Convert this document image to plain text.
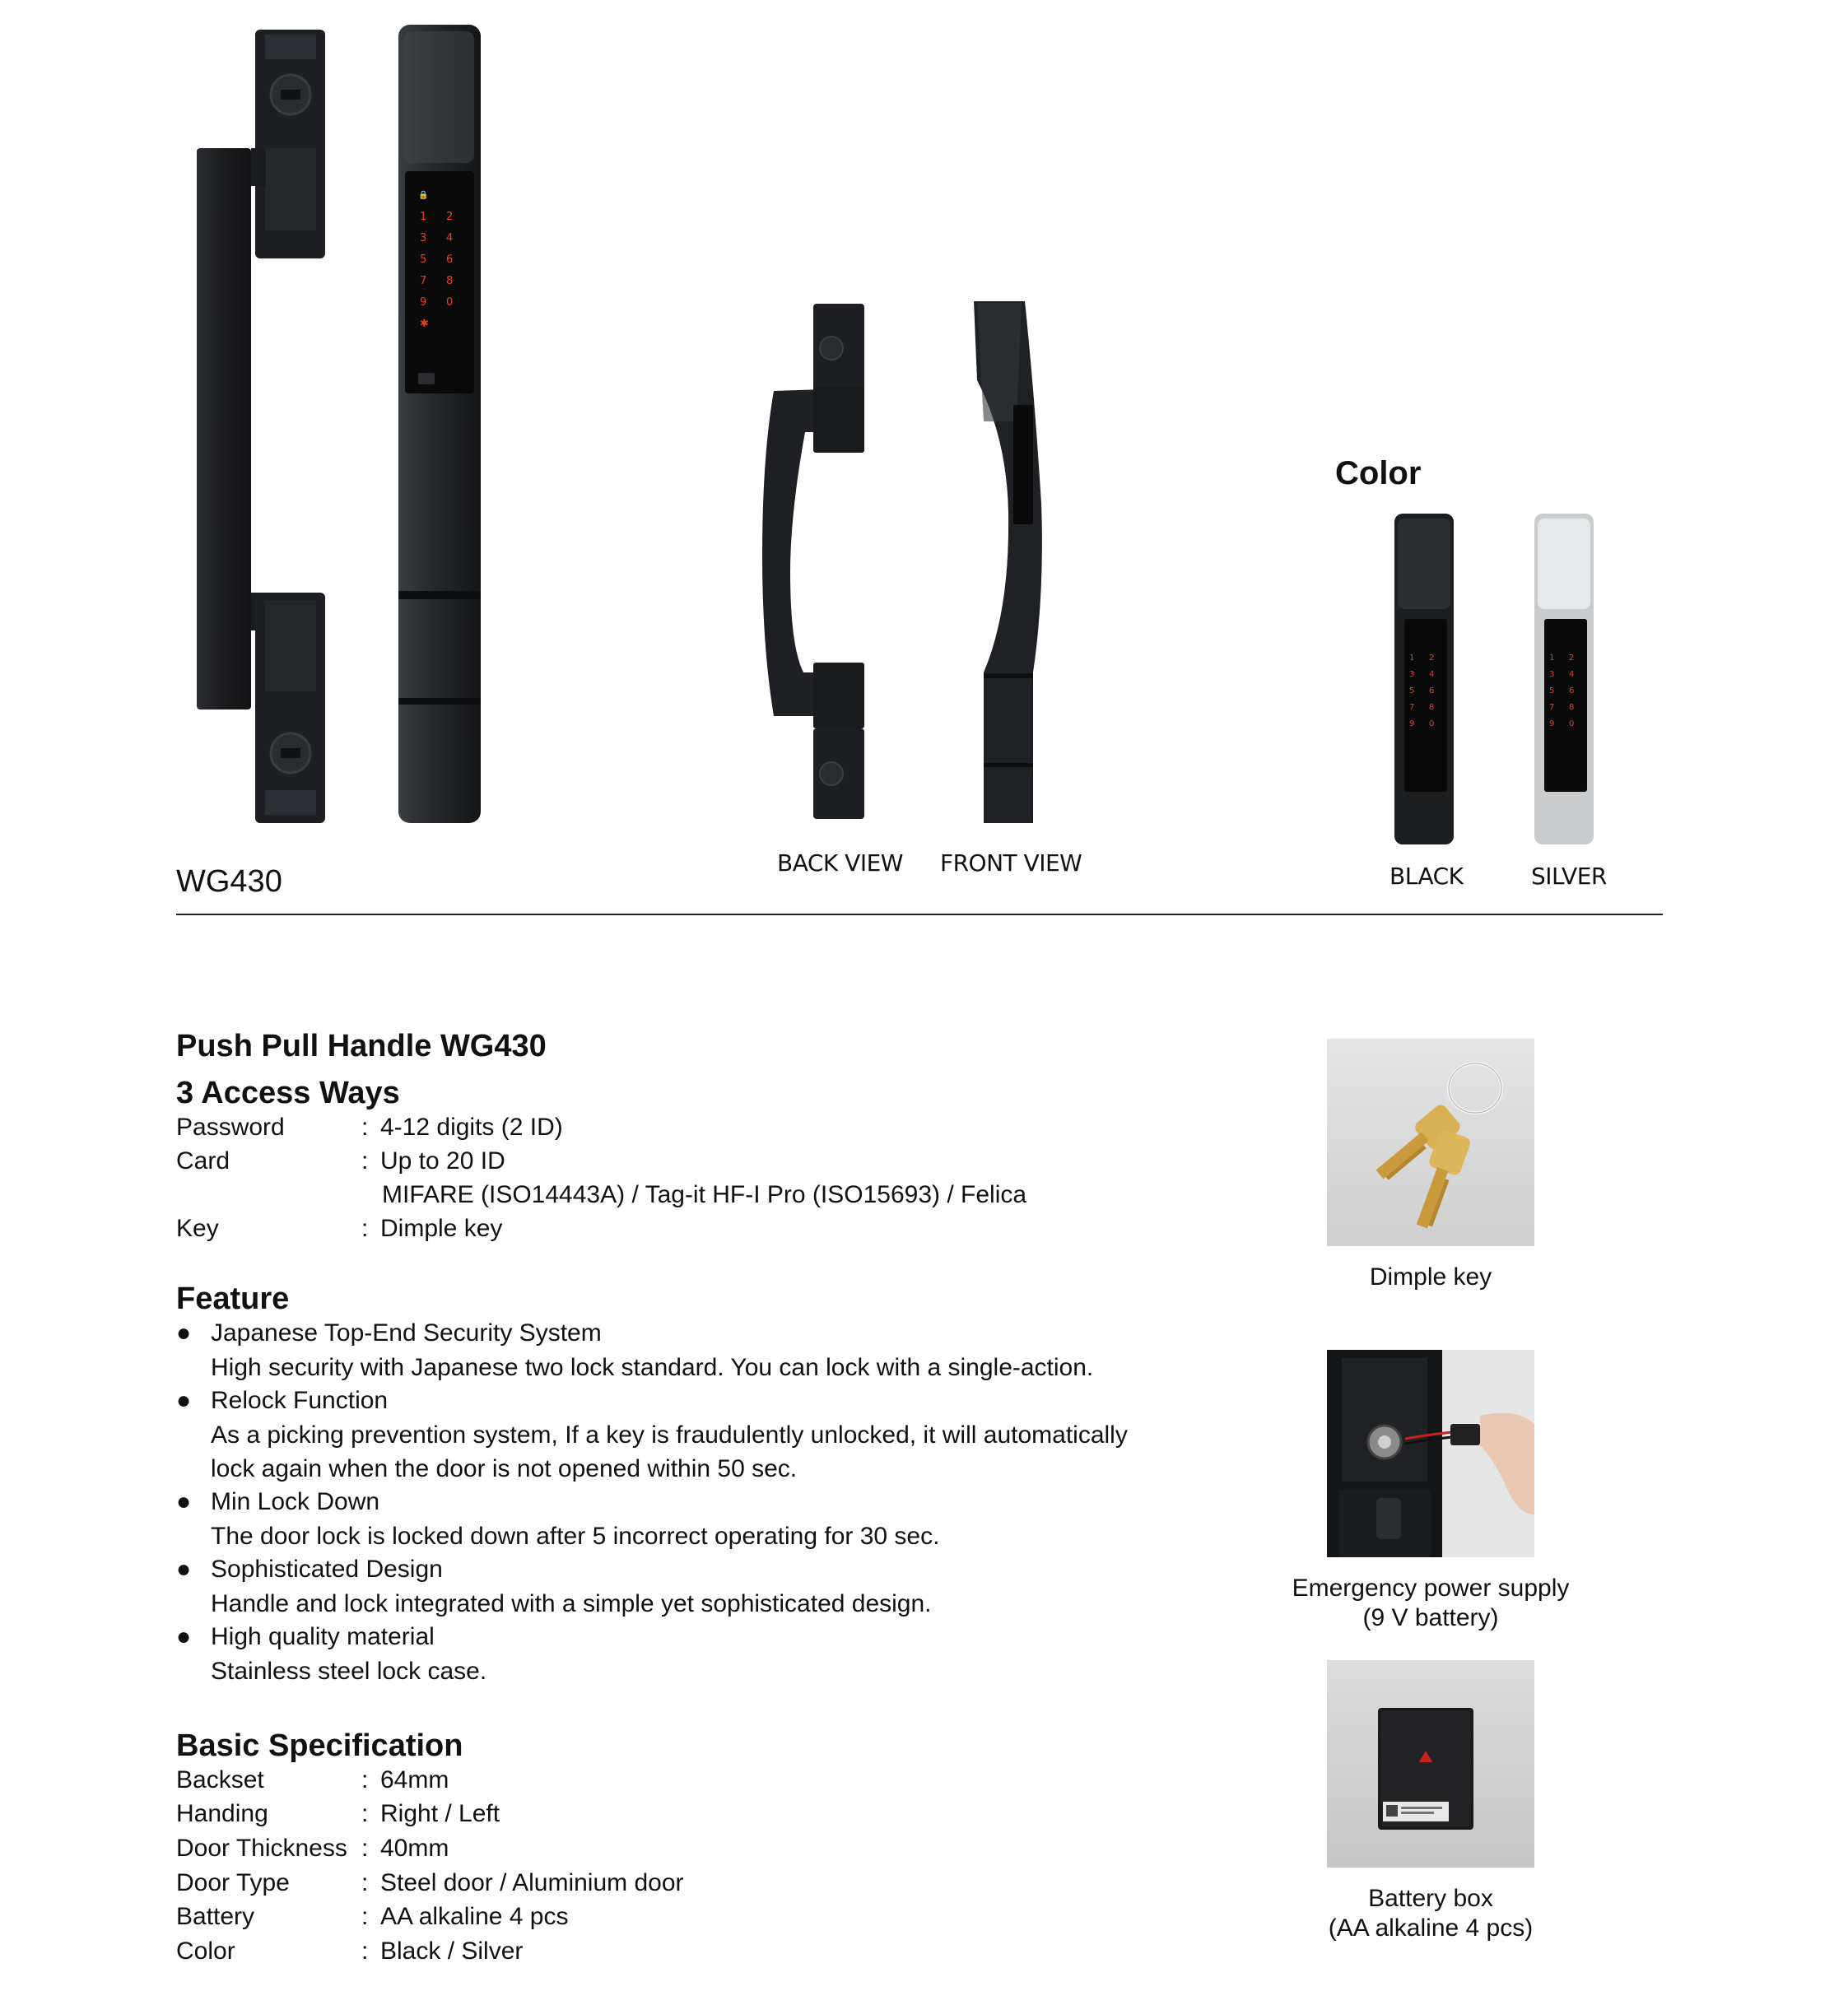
🔒
1 2
3 4
5 6
7 8
9 0
✱
BACK VIEW FRONT VIEW
Color
1 2
3 4
5 6
7 8
9 0
1 2
3 4
5 6
7 8
9 0
BLACK	SILVER
WG430
Push Pull Handle WG430
3 Access Ways
Password	: 4-12 digits (2 ID)
Card	: Up to 20 ID
MIFARE (ISO14443A) / Tag-it HF-I Pro (ISO15693) / Felica
Key	: Dimple key
Feature
● Japanese Top-End Security System
High security with Japanese two lock standard. You can lock with a single-action.
● Relock Function
As a picking prevention system, If a key is fraudulently unlocked, it will automatically
lock again when the door is not opened within 50 sec.
● Min Lock Down
The door lock is locked down after 5 incorrect operating for 30 sec.
● Sophisticated Design
Handle and lock integrated with a simple yet sophisticated design.
● High quality material
Stainless steel lock case.
Basic Specification
Backset	: 64mm
Handing	: Right / Left
Door Thickness : 40mm
Door Type	: Steel door / Aluminium door
Battery	: AA alkaline 4 pcs
Color	: Black / Silver
Dimple key
Emergency power supply
(9 V battery)
Battery box
(AA alkaline 4 pcs)
